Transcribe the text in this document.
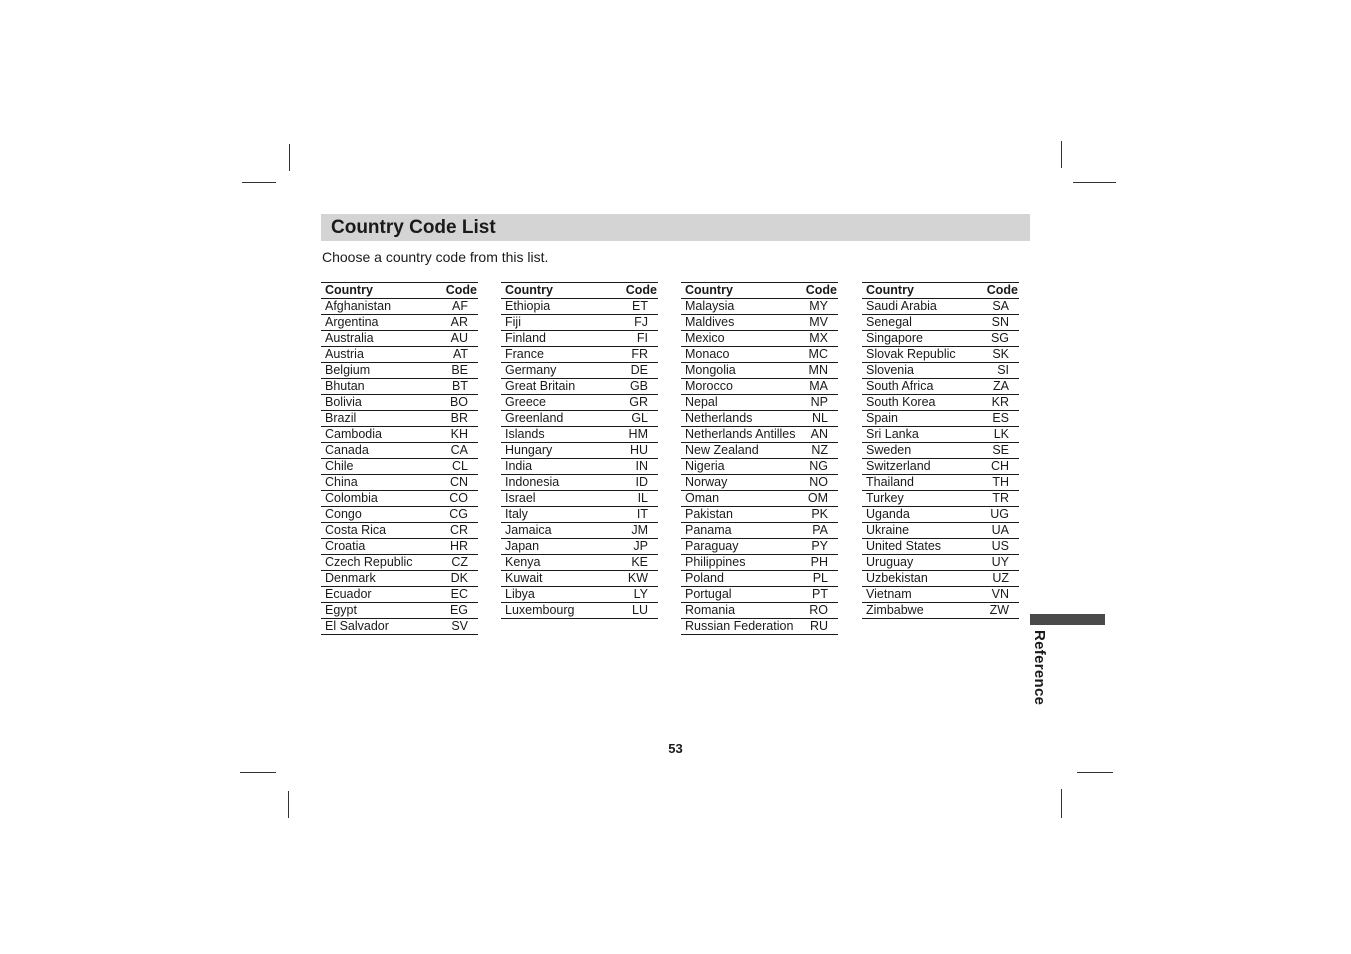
Country Code List
Choose a country code from this list.
Country	Code
Afghanistan	AF
Argentina	AR
Australia	AU
Austria	AT
Belgium	BE
Bhutan	BT
Bolivia	BO
Brazil	BR
Cambodia	KH
Canada	CA
Chile	CL
China	CN
Colombia	CO
Congo	CG
Costa Rica	CR
Croatia	HR
Czech Republic	CZ
Denmark	DK
Ecuador	EC
Egypt	EG
El Salvador	SV
Country	Code
Ethiopia	ET
Fiji	FJ
Finland	FI
France	FR
Germany	DE
Great Britain	GB
Greece	GR
Greenland	GL
Islands	HM
Hungary	HU
India	IN
Indonesia	ID
Israel	IL
Italy	IT
Jamaica	JM
Japan	JP
Kenya	KE
Kuwait	KW
Libya	LY
Luxembourg	LU
Country	Code
Malaysia	MY
Maldives	MV
Mexico	MX
Monaco	MC
Mongolia	MN
Morocco	MA
Nepal	NP
Netherlands	NL
Netherlands Antilles AN
New Zealand	NZ
Nigeria	NG
Norway	NO
Oman	OM
Pakistan	PK
Panama	PA
Paraguay	PY
Philippines	PH
Poland	PL
Portugal	PT
Romania	RO
Russian Federation RU
Country	Code
Saudi Arabia	SA
Senegal	SN
Singapore	SG
Slovak Republic	SK
Slovenia	SI
South Africa	ZA
South Korea	KR
Spain	ES
Sri Lanka	LK
Sweden	SE
Switzerland	CH
Thailand	TH
Turkey	TR
Uganda	UG
Ukraine	UA
United States	US
Uruguay	UY
Uzbekistan	UZ
Vietnam	VN
Zimbabwe	ZW
Reference
53
